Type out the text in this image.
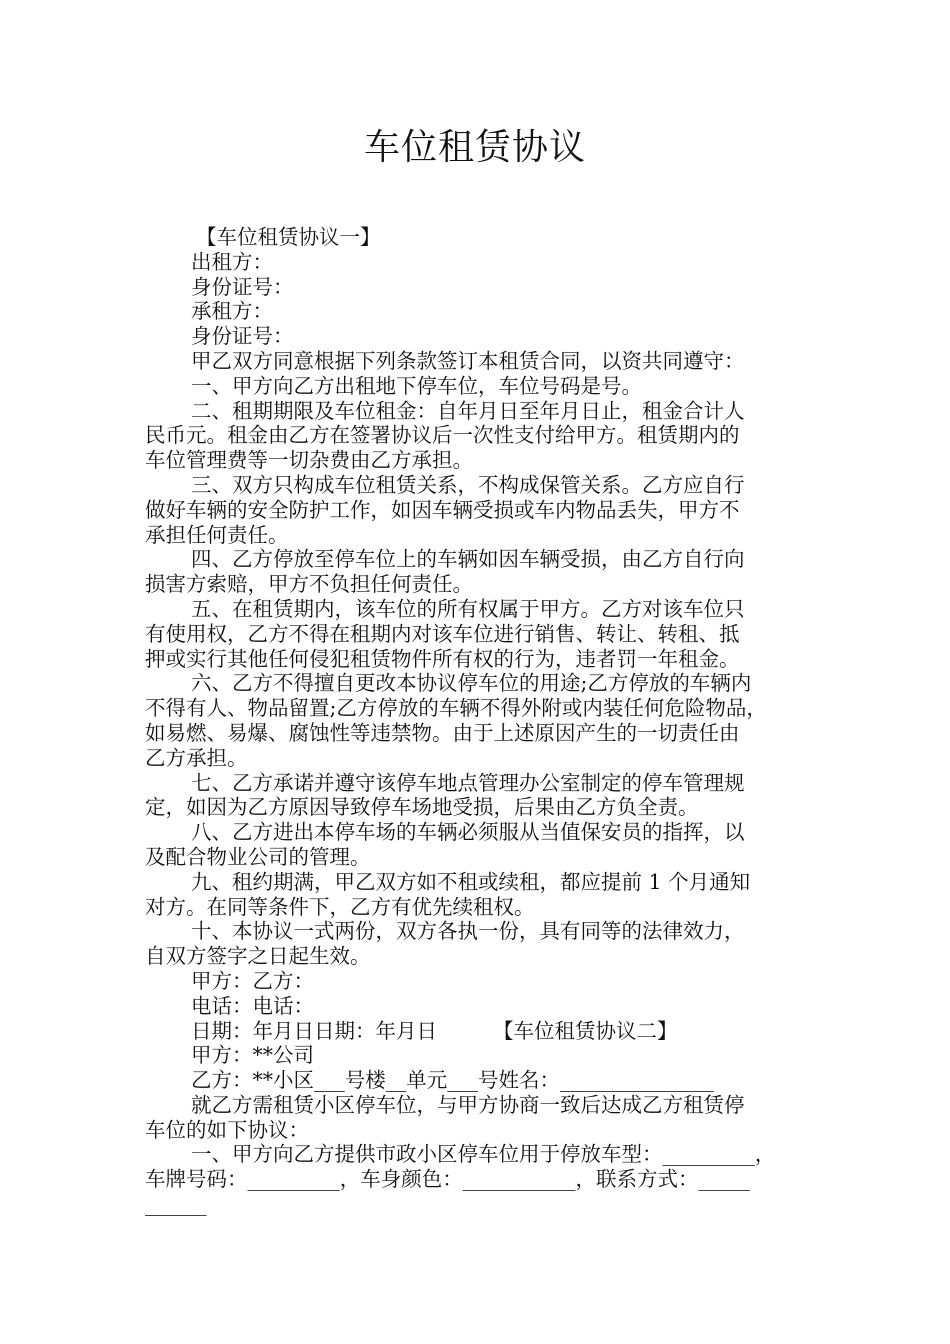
车位租赁协议
【车位租赁协议一】
出租方：
身份证号：
承租方：
身份证号：
甲乙双方同意根据下列条款签订本租赁合同，以资共同遵守：
一、甲方向乙方出租地下停车位，车位号码是号。
二、租期期限及车位租金：自年月日至年月日止，租金合计人
民币元。租金由乙方在签署协议后一次性支付给甲方。租赁期内的
车位管理费等一切杂费由乙方承担。
三、双方只构成车位租赁关系，不构成保管关系。乙方应自行
做好车辆的安全防护工作，如因车辆受损或车内物品丢失，甲方不
承担任何责任。
四、乙方停放至停车位上的车辆如因车辆受损，由乙方自行向
损害方索赔，甲方不负担任何责任。
五、在租赁期内，该车位的所有权属于甲方。乙方对该车位只
有使用权，乙方不得在租期内对该车位进行销售、转让、转租、抵
押或实行其他任何侵犯租赁物件所有权的行为，违者罚一年租金。
六、乙方不得擅自更改本协议停车位的用途;乙方停放的车辆内
不得有人、物品留置;乙方停放的车辆不得外附或内装任何危险物品，
如易燃、易爆、腐蚀性等违禁物。由于上述原因产生的一切责任由
乙方承担。
七、乙方承诺并遵守该停车地点管理办公室制定的停车管理规
定，如因为乙方原因导致停车场地受损，后果由乙方负全责。
八、乙方进出本停车场的车辆必须服从当值保安员的指挥，以
及配合物业公司的管理。
九、租约期满，甲乙双方如不租或续租，都应提前 1 个月通知
对方。在同等条件下，乙方有优先续租权。
十、本协议一式两份，双方各执一份，具有同等的法律效力，
自双方签字之日起生效。
甲方：乙方：
电话：电话：
日期：年月日日期：年月日	【车位租赁协议二】
甲方：**公司
乙方：**小区___号楼__单元___号姓名：_______________
就乙方需租赁小区停车位，与甲方协商一致后达成乙方租赁停
车位的如下协议：
一、甲方向乙方提供市政小区停车位用于停放车型：_________，
车牌号码：_________，车身颜色：___________，联系方式：_____
______
